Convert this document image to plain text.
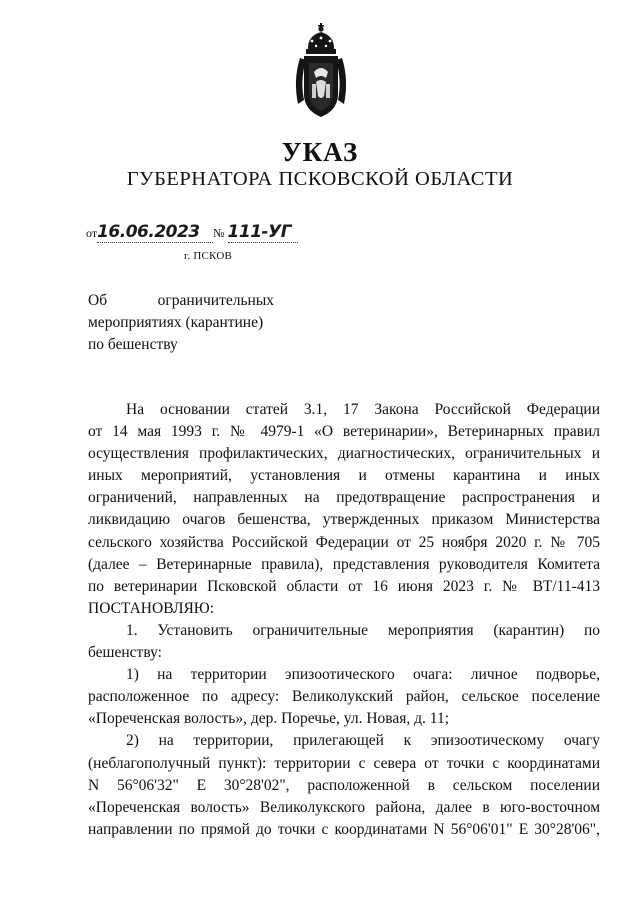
УКАЗ
ГУБЕРНАТОРА ПСКОВСКОЙ ОБЛАСТИ
от16.06.2023 № 111-УГ
г. ПСКОВ
Об ограничительных
мероприятиях (карантине)
по бешенству
На основании статей 3.1, 17 Закона Российской Федерации
от 14 мая 1993 г. № 4979-1 «О ветеринарии», Ветеринарных правил
осуществления профилактических, диагностических, ограничительных и
иных мероприятий, установления и отмены карантина и иных
ограничений, направленных на предотвращение распространения и
ликвидацию очагов бешенства, утвержденных приказом Министерства
сельского хозяйства Российской Федерации от 25 ноября 2020 г. № 705
(далее – Ветеринарные правила), представления руководителя Комитета
по ветеринарии Псковской области от 16 июня 2023 г. № ВТ/11-413
ПОСТАНОВЛЯЮ:
1. Установить ограничительные мероприятия (карантин) по
бешенству:
1) на территории эпизоотического очага: личное подворье,
расположенное по адресу: Великолукский район, сельское поселение
«Пореченская волость», дер. Поречье, ул. Новая, д. 11;
2) на территории, прилегающей к эпизоотическому очагу
(неблагополучный пункт): территории с севера от точки с координатами
N 56°06'32" E 30°28'02", расположенной в сельском поселении
«Пореченская волость» Великолукского района, далее в юго-восточном
направлении по прямой до точки с координатами N 56°06'01" E 30°28'06",
